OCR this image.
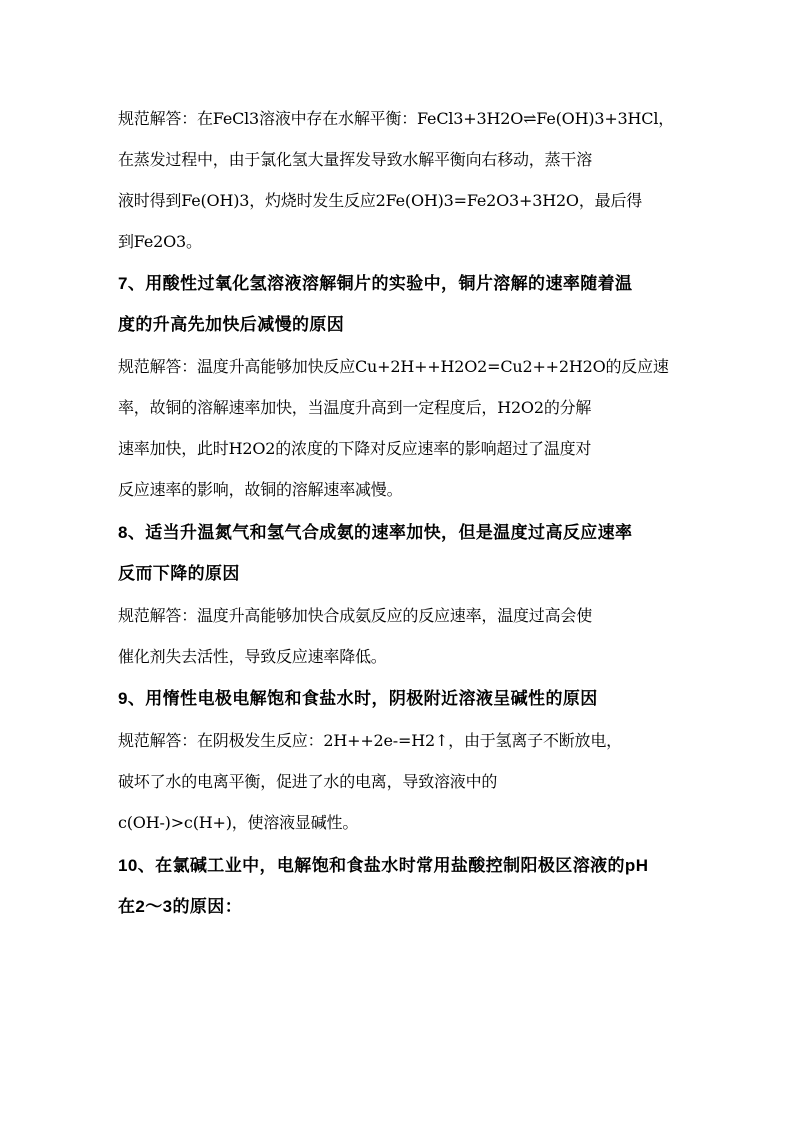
规范解答：在FeCl3溶液中存在水解平衡：FeCl3+3H2O⇌Fe(OH)3+3HCl，
在蒸发过程中，由于氯化氢大量挥发导致水解平衡向右移动，蒸干溶
液时得到Fe(OH)3，灼烧时发生反应2Fe(OH)3=Fe2O3+3H2O，最后得
到Fe2O3。
7、用酸性过氧化氢溶液溶解铜片的实验中，铜片溶解的速率随着温
度的升高先加快后减慢的原因
规范解答：温度升高能够加快反应Cu+2H++H2O2=Cu2++2H2O的反应速
率，故铜的溶解速率加快，当温度升高到一定程度后，H2O2的分解
速率加快，此时H2O2的浓度的下降对反应速率的影响超过了温度对
反应速率的影响，故铜的溶解速率减慢。
8、适当升温氮气和氢气合成氨的速率加快，但是温度过高反应速率
反而下降的原因
规范解答：温度升高能够加快合成氨反应的反应速率，温度过高会使
催化剂失去活性，导致反应速率降低。
9、用惰性电极电解饱和食盐水时，阴极附近溶液呈碱性的原因
规范解答：在阴极发生反应：2H++2e-=H2↑，由于氢离子不断放电，
破坏了水的电离平衡，促进了水的电离，导致溶液中的
c(OH-)>c(H+)，使溶液显碱性。
10、在氯碱工业中，电解饱和食盐水时常用盐酸控制阳极区溶液的pH
在2～3的原因：
